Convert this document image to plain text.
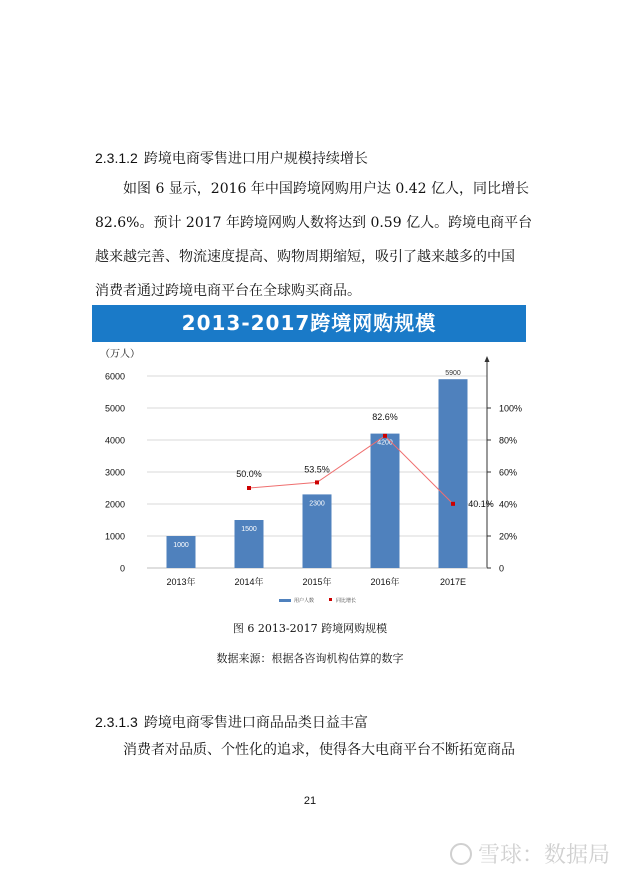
2.3.1.2 跨境电商零售进口用户规模持续增长
如图 6 显示，2016 年中国跨境网购用户达 0.42 亿人，同比增长
82.6%。预计 2017 年跨境网购人数将达到 0.59 亿人。跨境电商平台
越来越完善、物流速度提高、购物周期缩短，吸引了越来越多的中国
消费者通过跨境电商平台在全球购买商品。
2013-2017跨境网购规模
（万人）
0
1000
2000
3000
4000
5000
6000
0
20%
40%
60%
80%
100%
1000
1500
2300
4200
5900
2013年	2014年	2015年	2016年	2017E
50.0%	53.5%
82.6%
40.1%
用户人数	同比增长
图 6 2013-2017 跨境网购规模
数据来源：根据各咨询机构估算的数字
2.3.1.3 跨境电商零售进口商品品类日益丰富
消费者对品质、个性化的追求，使得各大电商平台不断拓宽商品
21
雪球：数据局
